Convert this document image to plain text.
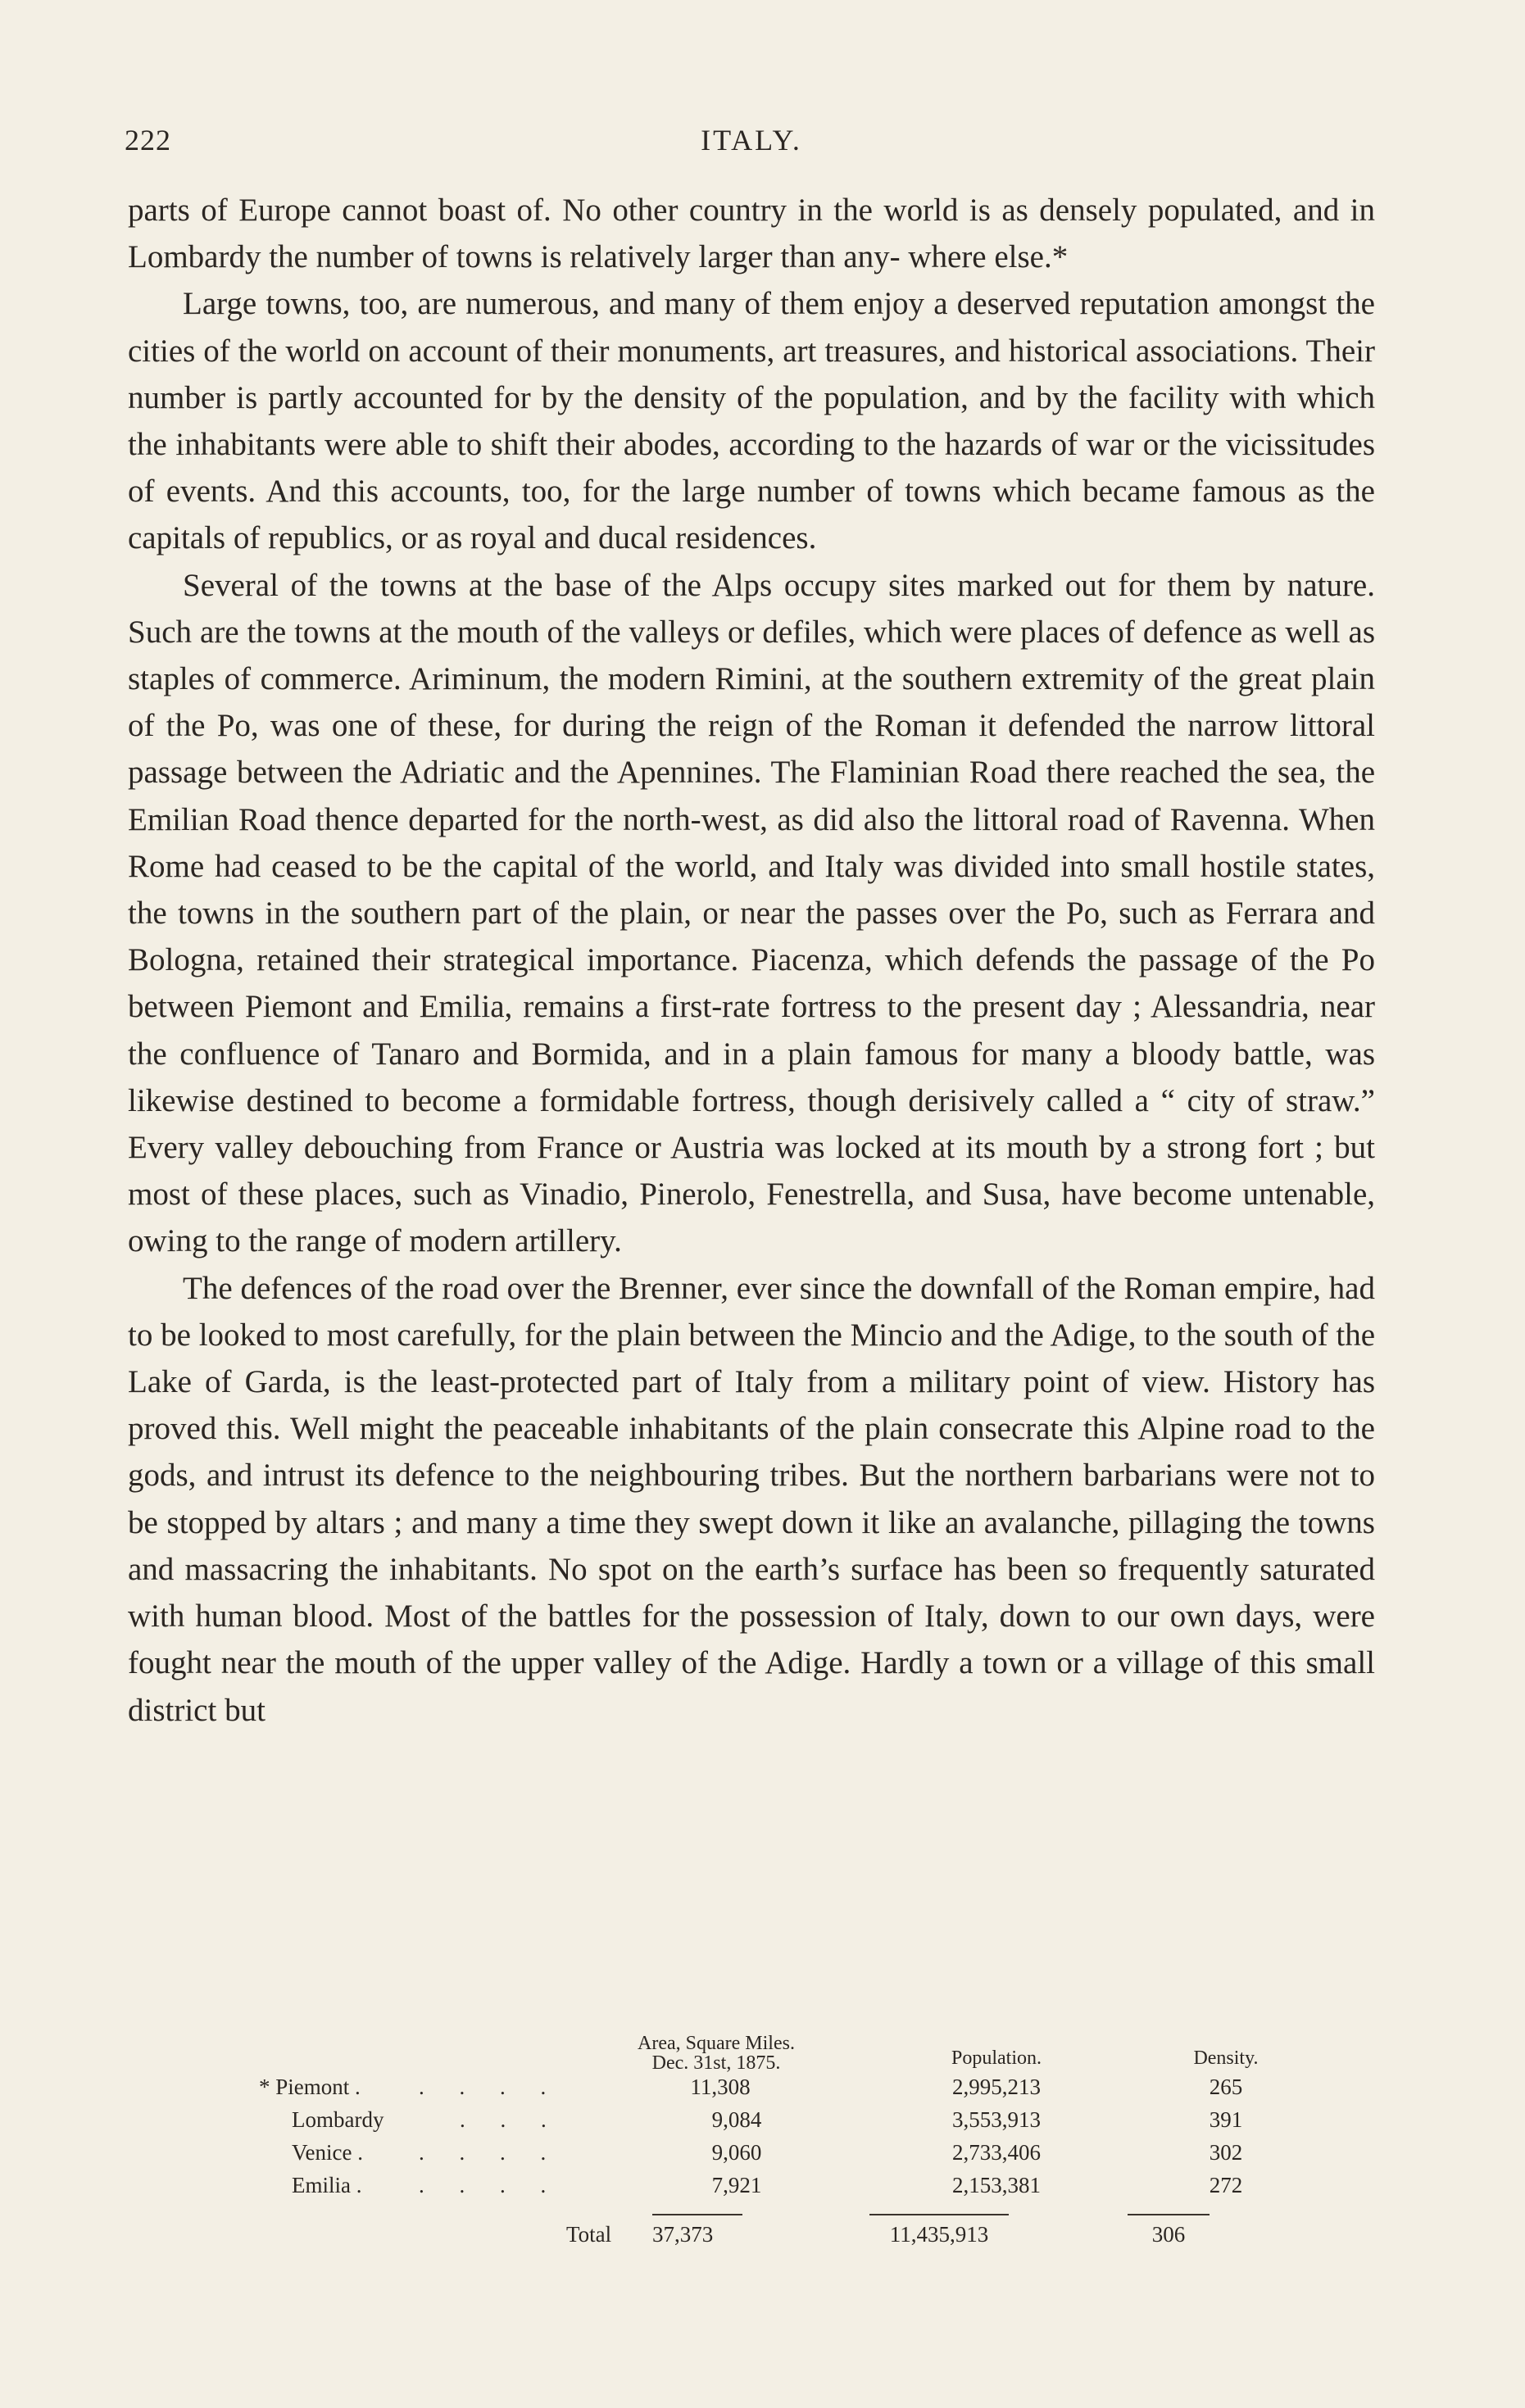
222	ITALY.

parts of Europe cannot boast of. No other country in the world is as densely populated, and in Lombardy the number of towns is relatively larger than any- where else.*

Large towns, too, are numerous, and many of them enjoy a deserved reputation amongst the cities of the world on account of their monuments, art treasures, and historical associations. Their number is partly accounted for by the density of the population, and by the facility with which the inhabitants were able to shift their abodes, according to the hazards of war or the vicissitudes of events. And this accounts, too, for the large number of towns which became famous as the capitals of republics, or as royal and ducal residences.

Several of the towns at the base of the Alps occupy sites marked out for them by nature. Such are the towns at the mouth of the valleys or defiles, which were places of defence as well as staples of commerce. Ariminum, the modern Rimini, at the southern extremity of the great plain of the Po, was one of these, for during the reign of the Roman it defended the narrow littoral passage between the Adriatic and the Apennines. The Flaminian Road there reached the sea, the Emilian Road thence departed for the north-west, as did also the littoral road of Ravenna. When Rome had ceased to be the capital of the world, and Italy was divided into small hostile states, the towns in the southern part of the plain, or near the passes over the Po, such as Ferrara and Bologna, retained their strategical importance. Piacenza, which defends the passage of the Po between Piemont and Emilia, remains a first-rate fortress to the present day ; Alessandria, near the confluence of Tanaro and Bormida, and in a plain famous for many a bloody battle, was likewise destined to become a formidable fortress, though derisively called a “ city of straw.” Every valley debouching from France or Austria was locked at its mouth by a strong fort ; but most of these places, such as Vinadio, Pinerolo, Fenestrella, and Susa, have become untenable, owing to the range of modern artillery.

The defences of the road over the Brenner, ever since the downfall of the Roman empire, had to be looked to most carefully, for the plain between the Mincio and the Adige, to the south of the Lake of Garda, is the least-protected part of Italy from a military point of view. History has proved this. Well might the peaceable inhabitants of the plain consecrate this Alpine road to the gods, and intrust its defence to the neighbouring tribes. But the northern barbarians were not to be stopped by altars ; and many a time they swept down it like an avalanche, pillaging the towns and massacring the inhabitants. No spot on the earth’s surface has been so frequently saturated with human blood. Most of the battles for the possession of Italy, down to our own days, were fought near the mouth of the upper valley of the Adige. Hardly a town or a village of this small district but

Area, Square Miles.
Dec. 31st, 1875.	Population.	Density.
* Piemont .	. . . .	11,308	2,995,213	265
Lombardy	. . .	9,084	3,553,913	391
Venice .	. . . .	9,060	2,733,406	302
Emilia .	. . . .	7,921	2,153,381	272
Total 37,373	11,435,913	306
